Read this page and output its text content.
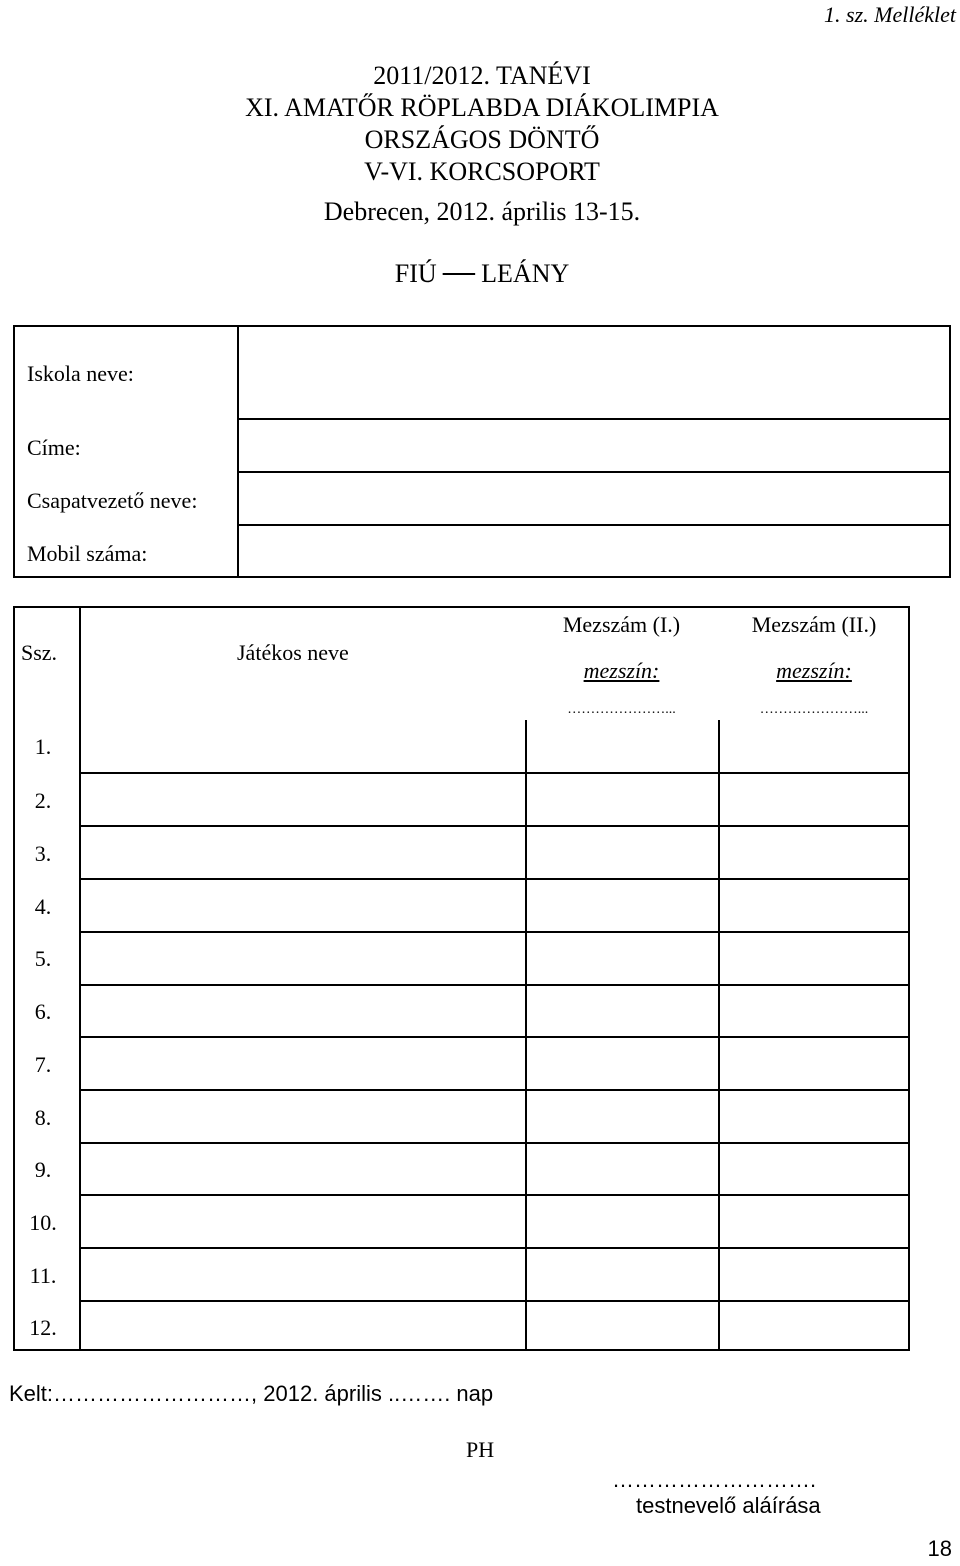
1. sz. Melléklet
2011/2012. TANÉVI
XI. AMATŐR RÖPLABDA DIÁKOLIMPIA
ORSZÁGOS DÖNTŐ
V-VI. KORCSOPORT
Debrecen, 2012. április 13-15.
FIÚ LEÁNY
Iskola neve:
Címe:
Csapatvezető neve:
Mobil száma:
Ssz.	Játékos neve
Mezszám (I.)
mezszín:
…………………...
Mezszám (II.)
mezszín:
…………………...
1.
2.
3.
4.
5.
6.
7.
8.
9.
10.
11.
12.
Kelt:………………………, 2012. április ..……. nap
PH
……………………….
testnevelő aláírása
18
